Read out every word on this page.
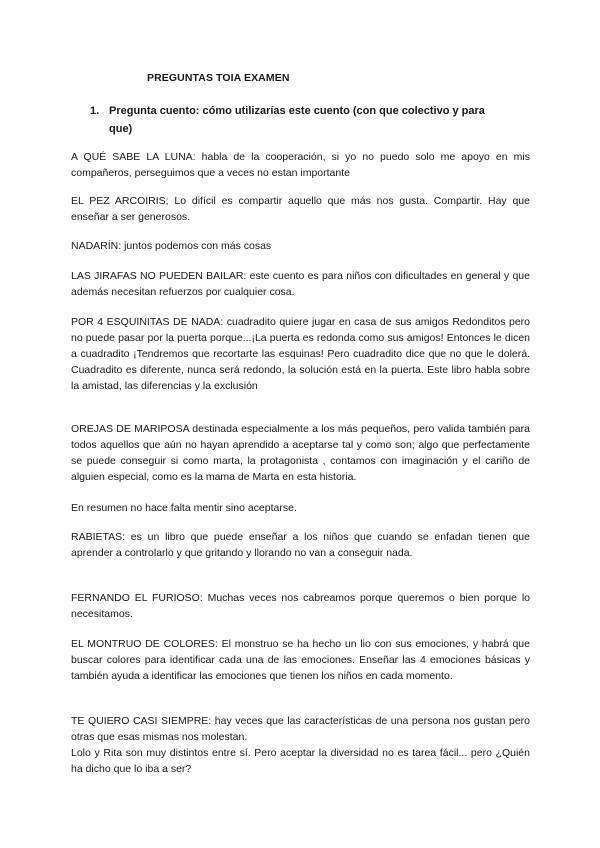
PREGUNTAS TOIA EXAMEN
1. Pregunta cuento: cómo utilizarías este cuento (con que colectivo y para que)
A QUÉ SABE LA LUNA: habla de la cooperación, si yo no puedo solo me apoyo en mis compañeros, perseguimos que a veces no estan importante
EL PEZ ARCOIRIS; Lo difícil es compartir aquello que más nos gusta. Compartir. Hay que enseñar a ser generosos.
NADARÍN: juntos podemos con más cosas
LAS JIRAFAS NO PUEDEN BAILAR: este cuento es para niños con dificultades en general y que además necesitan refuerzos por cualquier cosa.
POR 4 ESQUINITAS DE NADA: cuadradito quiere jugar en casa de sus amigos Redonditos pero no puede pasar por la puerta porque...¡La puerta es redonda como sus amigos! Entonces le dicen a cuadradito ¡Tendremos que recortarte las esquinas! Pero cuadradito dice que no que le dolerá. Cuadradito es diferente, nunca será redondo, la solución está en la puerta. Este libro habla sobre la amistad, las diferencias y la exclusión
OREJAS DE MARIPOSA destinada especialmente a los más pequeños, pero valida también para todos aquellos que aún no hayan aprendido a aceptarse tal y como son; algo que perfectamente se puede conseguir si como marta, la protagonista , contamos con imaginación y el cariño de alguien especial, como es la mama de Marta en esta historia.
En resumen no hace falta mentir sino aceptarse.
RABIETAS: es un libro que puede enseñar a los niños que cuando se enfadan tienen que aprender a controlarlo y que gritando y llorando no van a conseguir nada.
FERNANDO EL FURIOSO: Muchas veces nos cabreamos porque queremos o bien porque lo necesitamos.
EL MONTRUO DE COLORES: El monstruo se ha hecho un lio con sus emociones, y habrá que buscar colores para identificar cada una de las emociones. Enseñar las 4 emociones básicas y también ayuda a identificar las emociones que tienen los niños en cada momento.
TE QUIERO CASI SIEMPRE: hay veces que las características de una persona nos gustan pero otras que esas mismas nos molestan.
Lolo y Rita son muy distintos entre sí. Pero aceptar la diversidad no es tarea fácil... pero ¿Quién ha dicho que lo iba a ser?
